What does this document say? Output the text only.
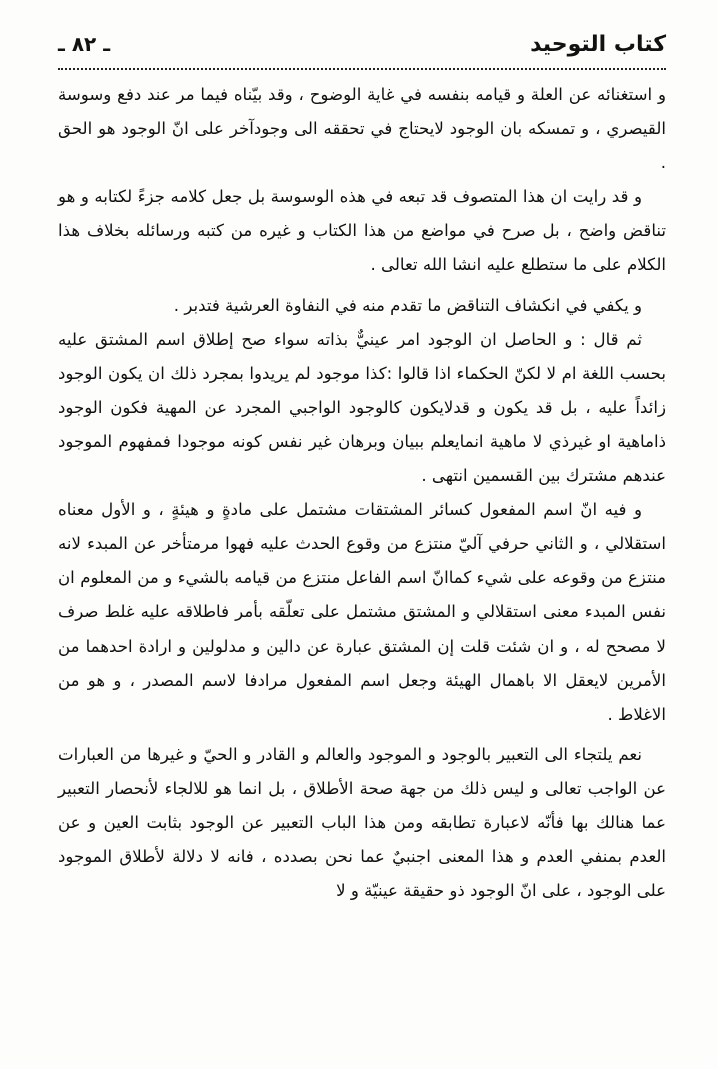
كتاب التوحيد
ـ ٨٢ ـ

و استغنائه عن العلة و قيامه بنفسه في غاية الوضوح ، وقد بيّناه فيما مر عند دفع وسوسة القيصري ، و تمسكه بان الوجود لايحتاج في تحققه الى وجودآخر على انّ الوجود هو الحق .

و قد رايت ان هذا المتصوف قد تبعه في هذه الوسوسة بل جعل كلامه جزءً لكتابه و هو تناقض واضح ، بل صرح في مواضع من هذا الكتاب و غيره من كتبه ورسائله بخلاف هذا الكلام على ما ستطلع عليه انشا الله تعالى .

و يكفي في انكشاف التناقض ما تقدم منه في النفاوة العرشية فتدبر .

ثم قال : و الحاصل ان الوجود امر عينيٌّ بذاته سواء صح إطلاق اسم المشتق عليه بحسب اللغة ام لا لكنّ الحكماء اذا قالوا :كذا موجود لم يريدوا بمجرد ذلك ان يكون الوجود زائداً عليه ، بل قد يكون و قدلايكون كالوجود الواجبي المجرد عن المهية فكون الوجود ذاماهية او غيرذي لا ماهية انمايعلم ببيان وبرهان غير نفس كونه موجودا فمفهوم الموجود عندهم مشترك بين القسمين انتهى .

و فيه انّ اسم المفعول كسائر المشتقات مشتمل على مادةٍ و هيئةٍ ، و الأول معناه استقلالي ، و الثاني حرفي آليّ منتزع من وقوع الحدث عليه فهوا مرمتأخر عن المبدء لانه منتزع من وقوعه على شيء كماانّ اسم الفاعل منتزع من قيامه بالشيء و من المعلوم ان نفس المبدء معنى استقلالي و المشتق مشتمل على تعلّقه بأمر فاطلاقه عليه غلط صرف لا مصحح له ، و ان شئت قلت إن المشتق عبارة عن دالين و مدلولين و ارادة احدهما من الأمرين لايعقل الا باهمال الهيئة وجعل اسم المفعول مرادفا لاسم المصدر ، و هو من الاغلاط .

نعم يلتجاء الى التعبير بالوجود و الموجود والعالم و القادر و الحيّ و غيرها من العبارات عن الواجب تعالى و ليس ذلك من جهة صحة الأطلاق ، بل انما هو للالجاء لأنحصار التعبير عما هنالك بها فأنّه لاعبارة تطابقه ومن هذا الباب التعبير عن الوجود بثابت العين و عن العدم بمنفي العدم و هذا المعنى اجنبيٌ عما نحن بصدده ، فانه لا دلالة لأطلاق الموجود على الوجود ، على انّ الوجود ذو حقيقة عينيّة و لا
